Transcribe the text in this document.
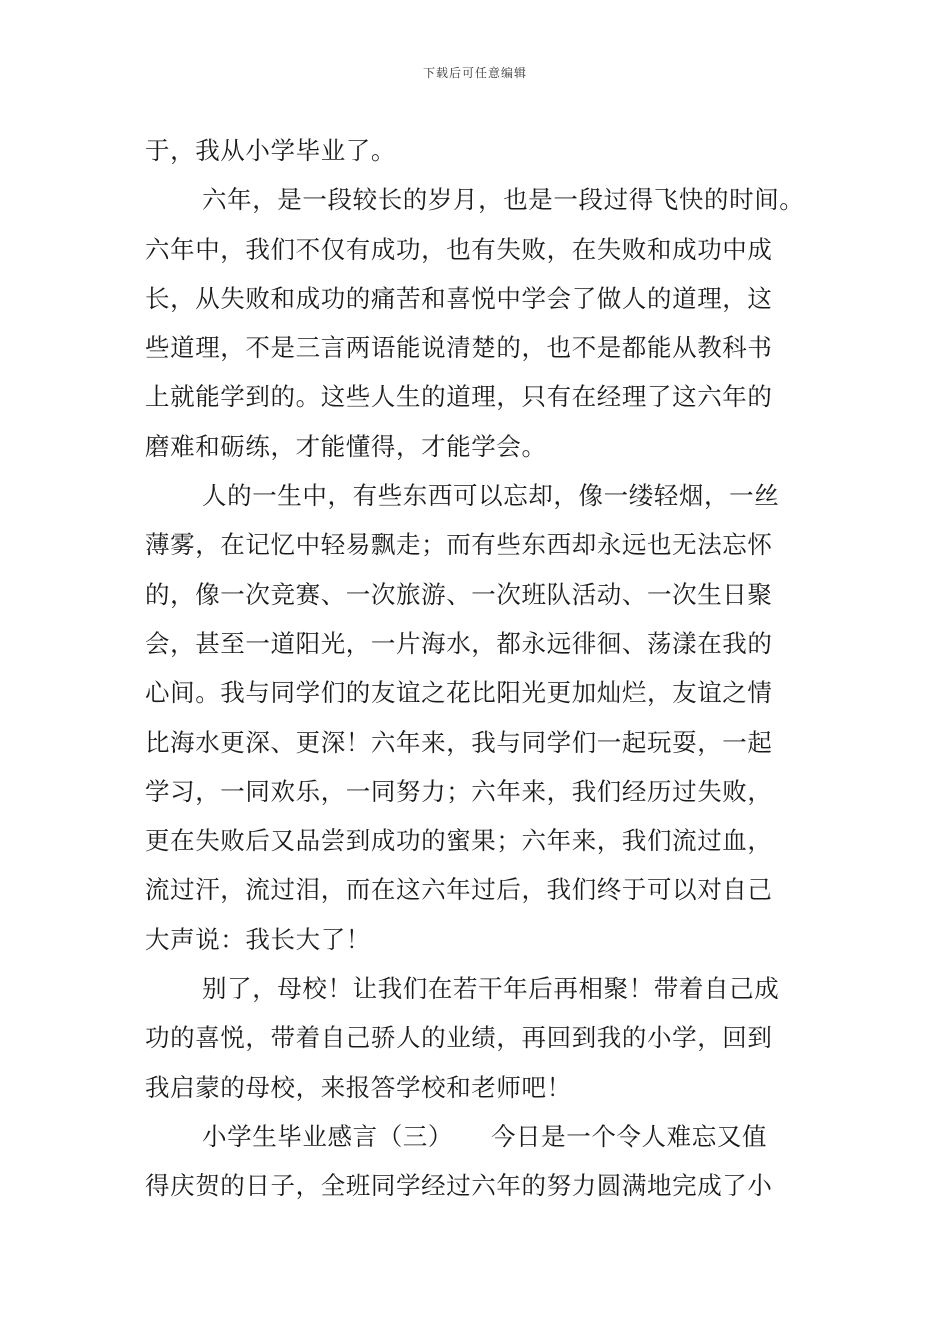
下载后可任意编辑
于，我从小学毕业了。
六年，是一段较长的岁月，也是一段过得飞快的时间。
六年中，我们不仅有成功，也有失败，在失败和成功中成
长，从失败和成功的痛苦和喜悦中学会了做人的道理，这
些道理，不是三言两语能说清楚的，也不是都能从教科书
上就能学到的。这些人生的道理，只有在经理了这六年的
磨难和砺练，才能懂得，才能学会。
人的一生中，有些东西可以忘却，像一缕轻烟，一丝
薄雾，在记忆中轻易飘走；而有些东西却永远也无法忘怀
的，像一次竞赛、一次旅游、一次班队活动、一次生日聚
会，甚至一道阳光，一片海水，都永远徘徊、荡漾在我的
心间。我与同学们的友谊之花比阳光更加灿烂，友谊之情
比海水更深、更深！六年来，我与同学们一起玩耍，一起
学习，一同欢乐，一同努力；六年来，我们经历过失败，
更在失败后又品尝到成功的蜜果；六年来，我们流过血，
流过汗，流过泪，而在这六年过后，我们终于可以对自己
大声说：我长大了！
别了，母校！让我们在若干年后再相聚！带着自己成
功的喜悦，带着自己骄人的业绩，再回到我的小学，回到
我启蒙的母校，来报答学校和老师吧！
小学生毕业感言（三）　　今日是一个令人难忘又值
得庆贺的日子，全班同学经过六年的努力圆满地完成了小
